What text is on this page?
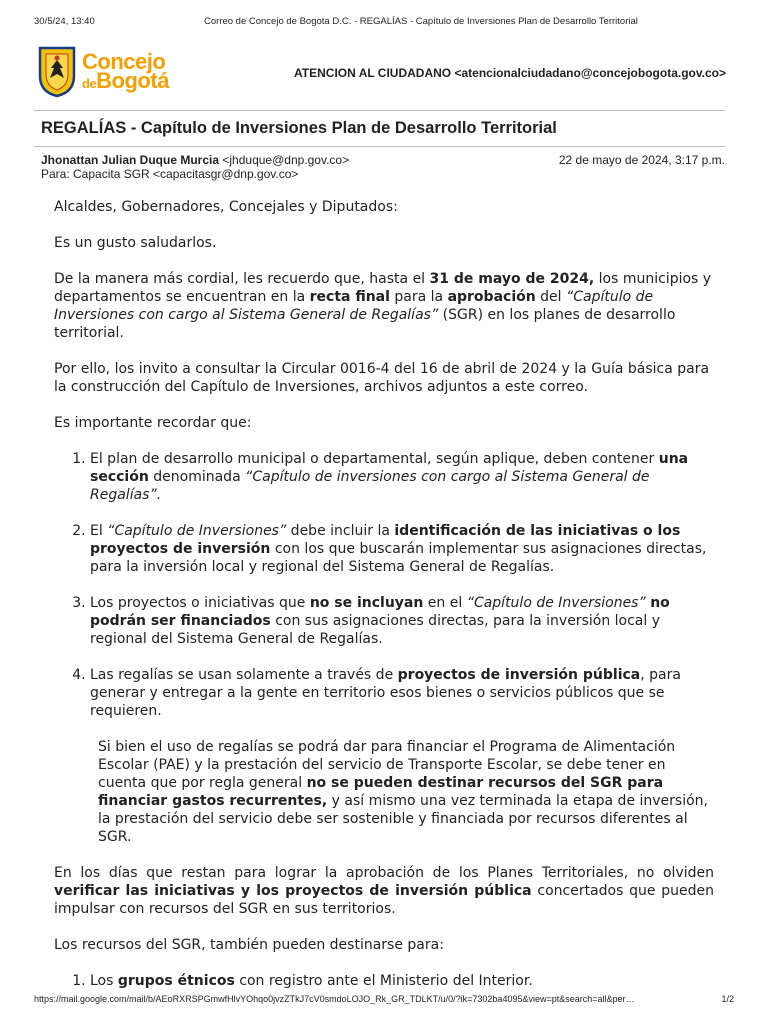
30/5/24, 13:40	Correo de Concejo de Bogota D.C. - REGALÍAS - Capítulo de Inversiones Plan de Desarrollo Territorial
Concejo
deBogotá	ATENCION AL CIUDADANO <atencionalciudadano@concejobogota.gov.co>
REGALÍAS - Capítulo de Inversiones Plan de Desarrollo Territorial
Jhonattan Julian Duque Murcia <jhduque@dnp.gov.co>	22 de mayo de 2024, 3:17 p.m.
Para: Capacita SGR <capacitasgr@dnp.gov.co>

Alcaldes, Gobernadores, Concejales y Diputados:

Es un gusto saludarlos.

De la manera más cordial, les recuerdo que, hasta el 31 de mayo de 2024, los municipios y departamentos se encuentran en la recta final para la aprobación del “Capítulo de Inversiones con cargo al Sistema General de Regalías” (SGR) en los planes de desarrollo territorial.

Por ello, los invito a consultar la Circular 0016-4 del 16 de abril de 2024 y la Guía básica para la construcción del Capítulo de Inversiones, archivos adjuntos a este correo.

Es importante recordar que:

1. El plan de desarrollo municipal o departamental, según aplique, deben contener una sección denominada “Capítulo de inversiones con cargo al Sistema General de Regalías”.
2. El “Capítulo de Inversiones” debe incluir la identificación de las iniciativas o los proyectos de inversión con los que buscarán implementar sus asignaciones directas, para la inversión local y regional del Sistema General de Regalías.
3. Los proyectos o iniciativas que no se incluyan en el “Capítulo de Inversiones” no podrán ser financiados con sus asignaciones directas, para la inversión local y regional del Sistema General de Regalías.
4. Las regalías se usan solamente a través de proyectos de inversión pública, para generar y entregar a la gente en territorio esos bienes o servicios públicos que se requieren.
Si bien el uso de regalías se podrá dar para financiar el Programa de Alimentación Escolar (PAE) y la prestación del servicio de Transporte Escolar, se debe tener en cuenta que por regla general no se pueden destinar recursos del SGR para financiar gastos recurrentes, y así mismo una vez terminada la etapa de inversión, la prestación del servicio debe ser sostenible y financiada por recursos diferentes al SGR.

En los días que restan para lograr la aprobación de los Planes Territoriales, no olviden verificar las iniciativas y los proyectos de inversión pública concertados que pueden impulsar con recursos del SGR en sus territorios.

Los recursos del SGR, también pueden destinarse para:

1. Los grupos étnicos con registro ante el Ministerio del Interior.
https://mail.google.com/mail/b/AEoRXRSPGmwfHlvYOhqo0jvzZTkJ7cV0smdoLOJO_Rk_GR_TDLKT/u/0/?ik=7302ba4095&view=pt&search=all&per…	1/2
